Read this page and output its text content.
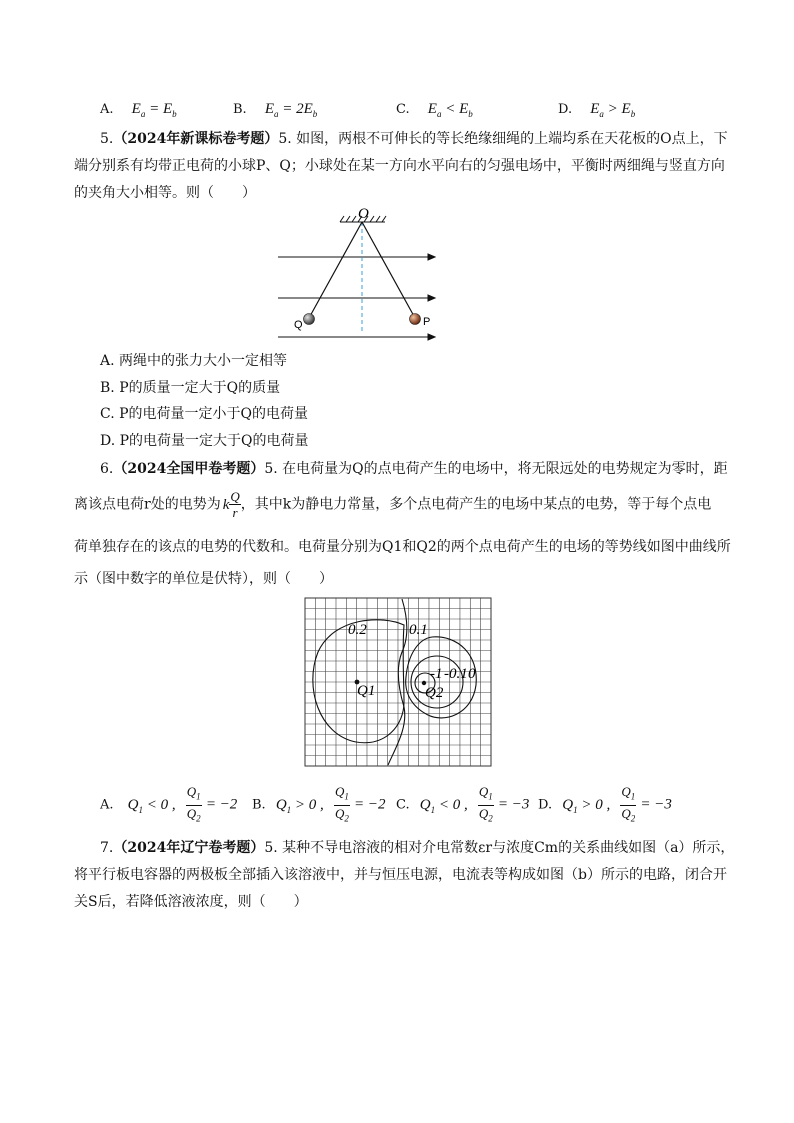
A. $E_a = E_b$	B. $E_a = 2E_b$	C. $E_a < E_b$	D. $E_a > E_b$
5.（2024年新课标卷考题）5. 如图，两根不可伸长的等长绝缘细绳的上端均系在天花板的O点上，下
端分别系有均带正电荷的小球P、Q；小球处在某一方向水平向右的匀强电场中，平衡时两细绳与竖直方向
的夹角大小相等。则（　　）
O
Q	P
A. 两绳中的张力大小一定相等
B. P的质量一定大于Q的质量
C. P的电荷量一定小于Q的电荷量
D. P的电荷量一定大于Q的电荷量
6.（2024全国甲卷考题）5. 在电荷量为Q的点电荷产生的电场中，将无限远处的电势规定为零时，距
离该点电荷r处的电势为 k $\frac{Q}{r}$ ，其中k为静电力常量，多个点电荷产生的电场中某点的电势，等于每个点电
荷单独存在的该点的电势的代数和。电荷量分别为Q1和Q2的两个点电荷产生的电场的等势线如图中曲线所
示（图中数字的单位是伏特），则（　　）
0.2	0.1
-1 -0.1 0
Q1	Q2
A. $Q_1 < 0$ , $\frac{Q_1}{Q_2} = -2$ B. $Q_1 > 0$ , $\frac{Q_1}{Q_2} = -2$ C. $Q_1 < 0$ , $\frac{Q_1}{Q_2} = -3$ D. $Q_1 > 0$ , $\frac{Q_1}{Q_2} = -3$
7.（2024年辽宁卷考题）5. 某种不导电溶液的相对介电常数εr与浓度Cm的关系曲线如图（a）所示，
将平行板电容器的两极板全部插入该溶液中，并与恒压电源，电流表等构成如图（b）所示的电路，闭合开
关S后，若降低溶液浓度，则（　　）
